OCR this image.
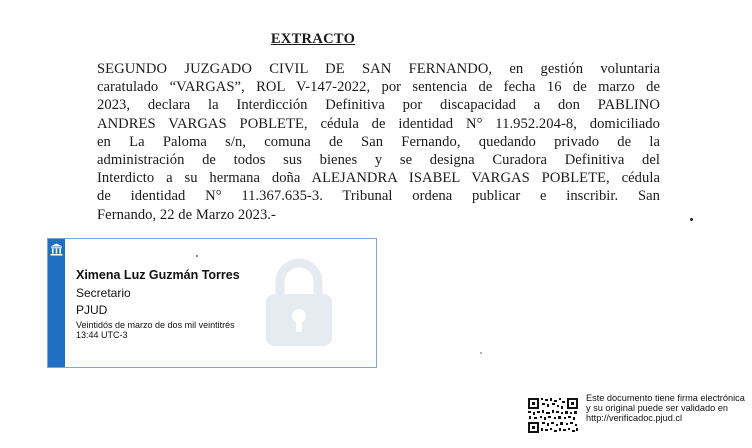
EXTRACTO
SEGUNDO JUZGADO CIVIL DE SAN FERNANDO, en gestión voluntaria
caratulado “VARGAS”, ROL V-147-2022, por sentencia de fecha 16 de marzo de
2023, declara la Interdicción Definitiva por discapacidad a don PABLINO
ANDRES VARGAS POBLETE, cédula de identidad N° 11.952.204-8, domiciliado
en La Paloma s/n, comuna de San Fernando, quedando privado de la
administración de todos sus bienes y se designa Curadora Definitiva del
Interdicto a su hermana doña ALEJANDRA ISABEL VARGAS POBLETE, cédula
de identidad N° 11.367.635-3. Tribunal ordena publicar e inscribir. San
Fernando, 22 de Marzo 2023.-
Ximena Luz Guzmán Torres
Secretario
PJUD
Veintidós de marzo de dos mil veintitrés
13:44 UTC-3
Este documento tiene firma electrónica
y su original puede ser validado en
http://verificadoc.pjud.cl
